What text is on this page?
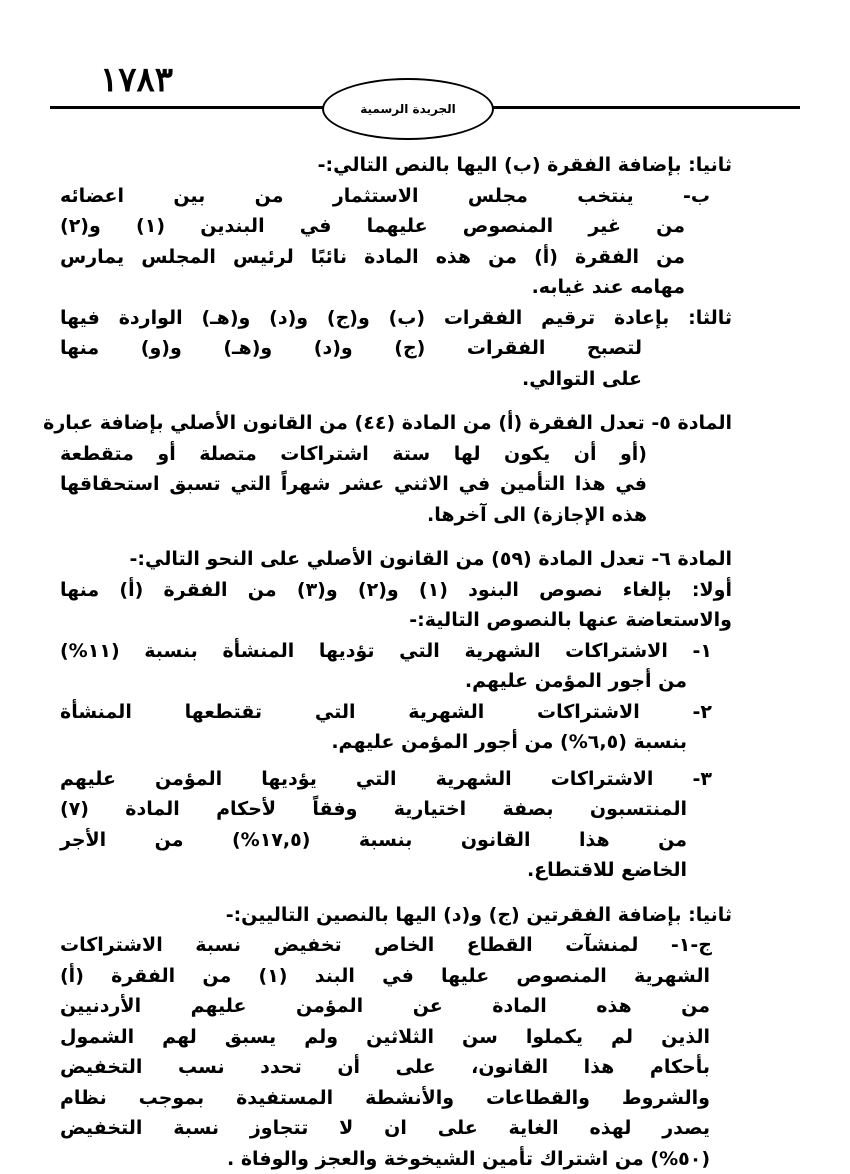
١٧٨٣
الجريدة الرسمية
ثانيا: بإضافة الفقرة (ب) اليها بالنص التالي:-
ب- ينتخب مجلس الاستثمار من بين اعضائه
من غير المنصوص عليهما في البندين (١) و(٢)
من الفقرة (أ) من هذه المادة نائبًا لرئيس المجلس يمارس
مهامه عند غيابه.
ثالثا: بإعادة ترقيم الفقرات (ب) و(ج) و(د) و(هـ) الواردة فيها
لتصبح الفقرات (ج) و(د) و(هـ) و(و) منها
على التوالي.
المادة ٥- تعدل الفقرة (أ) من المادة (٤٤) من القانون الأصلي بإضافة عبارة
(أو أن يكون لها ستة اشتراكات متصلة أو متقطعة
في هذا التأمين في الاثني عشر شهراً التي تسبق استحقاقها
هذه الإجازة) الى آخرها.
المادة ٦- تعدل المادة (٥٩) من القانون الأصلي على النحو التالي:-
أولا: بإلغاء نصوص البنود (١) و(٢) و(٣) من الفقرة (أ) منها
والاستعاضة عنها بالنصوص التالية:-
١- الاشتراكات الشهرية التي تؤديها المنشأة بنسبة (١١%)
من أجور المؤمن عليهم.
٢- الاشتراكات الشهرية التي تقتطعها المنشأة
بنسبة (٦,٥%) من أجور المؤمن عليهم.
٣- الاشتراكات الشهرية التي يؤديها المؤمن عليهم
المنتسبون بصفة اختيارية وفقاً لأحكام المادة (٧)
من هذا القانون بنسبة (١٧,٥%) من الأجر
الخاضع للاقتطاع.
ثانيا: بإضافة الفقرتين (ج) و(د) اليها بالنصين التاليين:-
ج-١- لمنشآت القطاع الخاص تخفيض نسبة الاشتراكات
الشهرية المنصوص عليها في البند (١) من الفقرة (أ)
من هذه المادة عن المؤمن عليهم الأردنيين
الذين لم يكملوا سن الثلاثين ولم يسبق لهم الشمول
بأحكام هذا القانون، على أن تحدد نسب التخفيض
والشروط والقطاعات والأنشطة المستفيدة بموجب نظام
يصدر لهذه الغاية على ان لا تتجاوز نسبة التخفيض
(٥٠%) من اشتراك تأمين الشيخوخة والعجز والوفاة .
